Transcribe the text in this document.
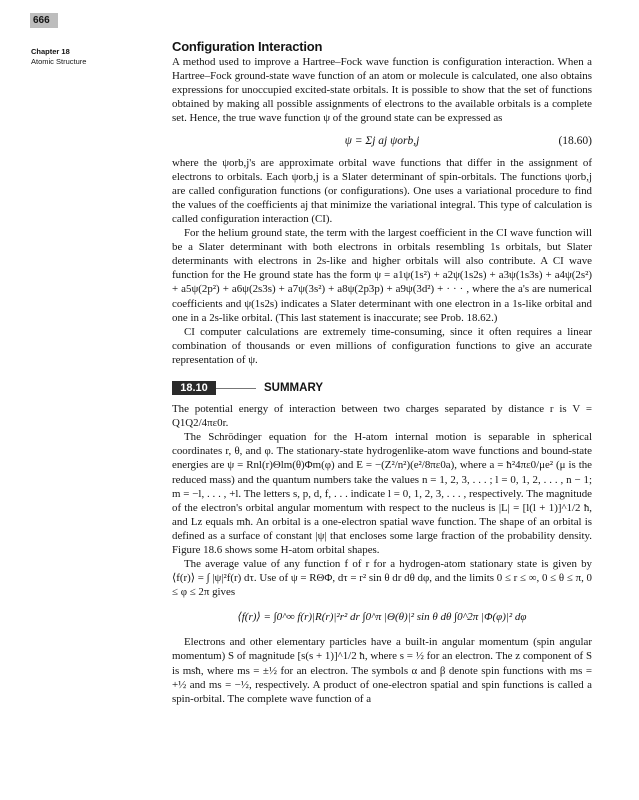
666
Chapter 18
Atomic Structure
Configuration Interaction

A method used to improve a Hartree–Fock wave function is configuration interaction. When a Hartree–Fock ground-state wave function of an atom or molecule is calculated, one also obtains expressions for unoccupied excited-state orbitals. It is possible to show that the set of functions obtained by making all possible assignments of electrons to the available orbitals is a complete set. Hence, the true wave function ψ of the ground state can be expressed as

ψ = Σj aj ψorb,j	(18.60)

where the ψorb,j's are approximate orbital wave functions that differ in the assignment of electrons to orbitals. Each ψorb,j is a Slater determinant of spin-orbitals. The functions ψorb,j are called configuration functions (or configurations). One uses a variational procedure to find the values of the coefficients aj that minimize the variational integral. This type of calculation is called configuration interaction (CI).

For the helium ground state, the term with the largest coefficient in the CI wave function will be a Slater determinant with both electrons in orbitals resembling 1s orbitals, but Slater determinants with electrons in 2s-like and higher orbitals will also contribute. A CI wave function for the He ground state has the form ψ = a1ψ(1s²) + a2ψ(1s2s) + a3ψ(1s3s) + a4ψ(2s²) + a5ψ(2p²) + a6ψ(2s3s) + a7ψ(3s²) + a8ψ(2p3p) + a9ψ(3d²) + · · · , where the a's are numerical coefficients and ψ(1s2s) indicates a Slater determinant with one electron in a 1s-like orbital and one in a 2s-like orbital. (This last statement is inaccurate; see Prob. 18.62.)

CI computer calculations are extremely time-consuming, since it often requires a linear combination of thousands or even millions of configuration functions to give an accurate representation of ψ.

18.10	SUMMARY

The potential energy of interaction between two charges separated by distance r is V = Q1Q2/4πε0r.

The Schrödinger equation for the H-atom internal motion is separable in spherical coordinates r, θ, and φ. The stationary-state hydrogenlike-atom wave functions and bound-state energies are ψ = Rnl(r)Θlm(θ)Φm(φ) and E = −(Z²/n²)(e²/8πε0a), where a = ħ²4πε0/μe² (μ is the reduced mass) and the quantum numbers take the values n = 1, 2, 3, . . . ; l = 0, 1, 2, . . . , n − 1; m = −l, . . . , +l. The letters s, p, d, f, . . . indicate l = 0, 1, 2, 3, . . . , respectively. The magnitude of the electron's orbital angular momentum with respect to the nucleus is |L| = [l(l + 1)]^1/2 ħ, and Lz equals mħ. An orbital is a one-electron spatial wave function. The shape of an orbital is defined as a surface of constant |ψ| that encloses some large fraction of the probability density. Figure 18.6 shows some H-atom orbital shapes.

The average value of any function f of r for a hydrogen-atom stationary state is given by ⟨f(r)⟩ = ∫ |ψ|²f(r) dτ. Use of ψ = RΘΦ, dτ = r² sin θ dr dθ dφ, and the limits 0 ≤ r ≤ ∞, 0 ≤ θ ≤ π, 0 ≤ φ ≤ 2π gives

⟨f(r)⟩ = ∫0^∞ f(r)|R(r)|²r² dr ∫0^π |Θ(θ)|² sin θ dθ ∫0^2π |Φ(φ)|² dφ

Electrons and other elementary particles have a built-in angular momentum (spin angular momentum) S of magnitude [s(s + 1)]^1/2 ħ, where s = ½ for an electron. The z component of S is msħ, where ms = ±½ for an electron. The symbols α and β denote spin functions with ms = +½ and ms = −½, respectively. A product of one-electron spatial and spin functions is called a spin-orbital. The complete wave function of a
